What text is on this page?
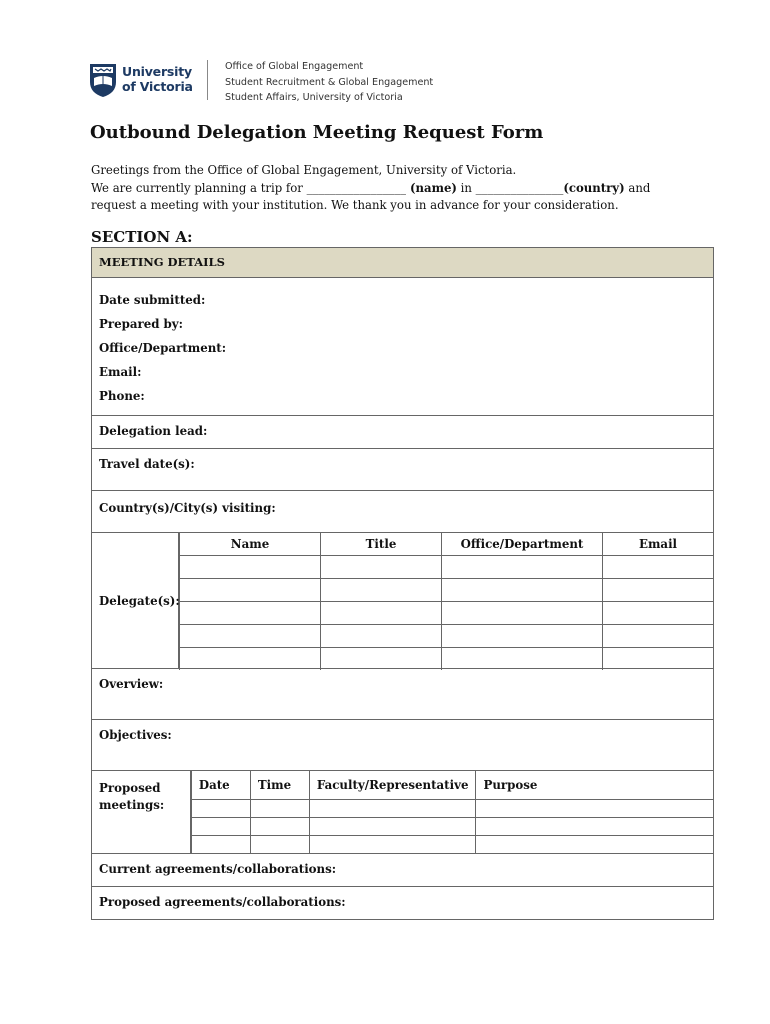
University
of Victoria
Office of Global Engagement
Student Recruitment & Global Engagement
Student Affairs, University of Victoria
Outbound Delegation Meeting Request Form
Greetings from the Office of Global Engagement, University of Victoria.
We are currently planning a trip for _________________ (name) in _______________(country) and
request a meeting with your institution. We thank you in advance for your consideration.
SECTION A:
MEETING DETAILS
Date submitted:
Prepared by:
Office/Department:
Email:
Phone:
Delegation lead:
Travel date(s):
Country(s)/City(s) visiting:
Delegate(s):
Name	Title	Office/Department	Email

Overview:
Objectives:
Proposed meetings:
Date	Time	Faculty/Representative	Purpose

Current agreements/collaborations:
Proposed agreements/collaborations:
